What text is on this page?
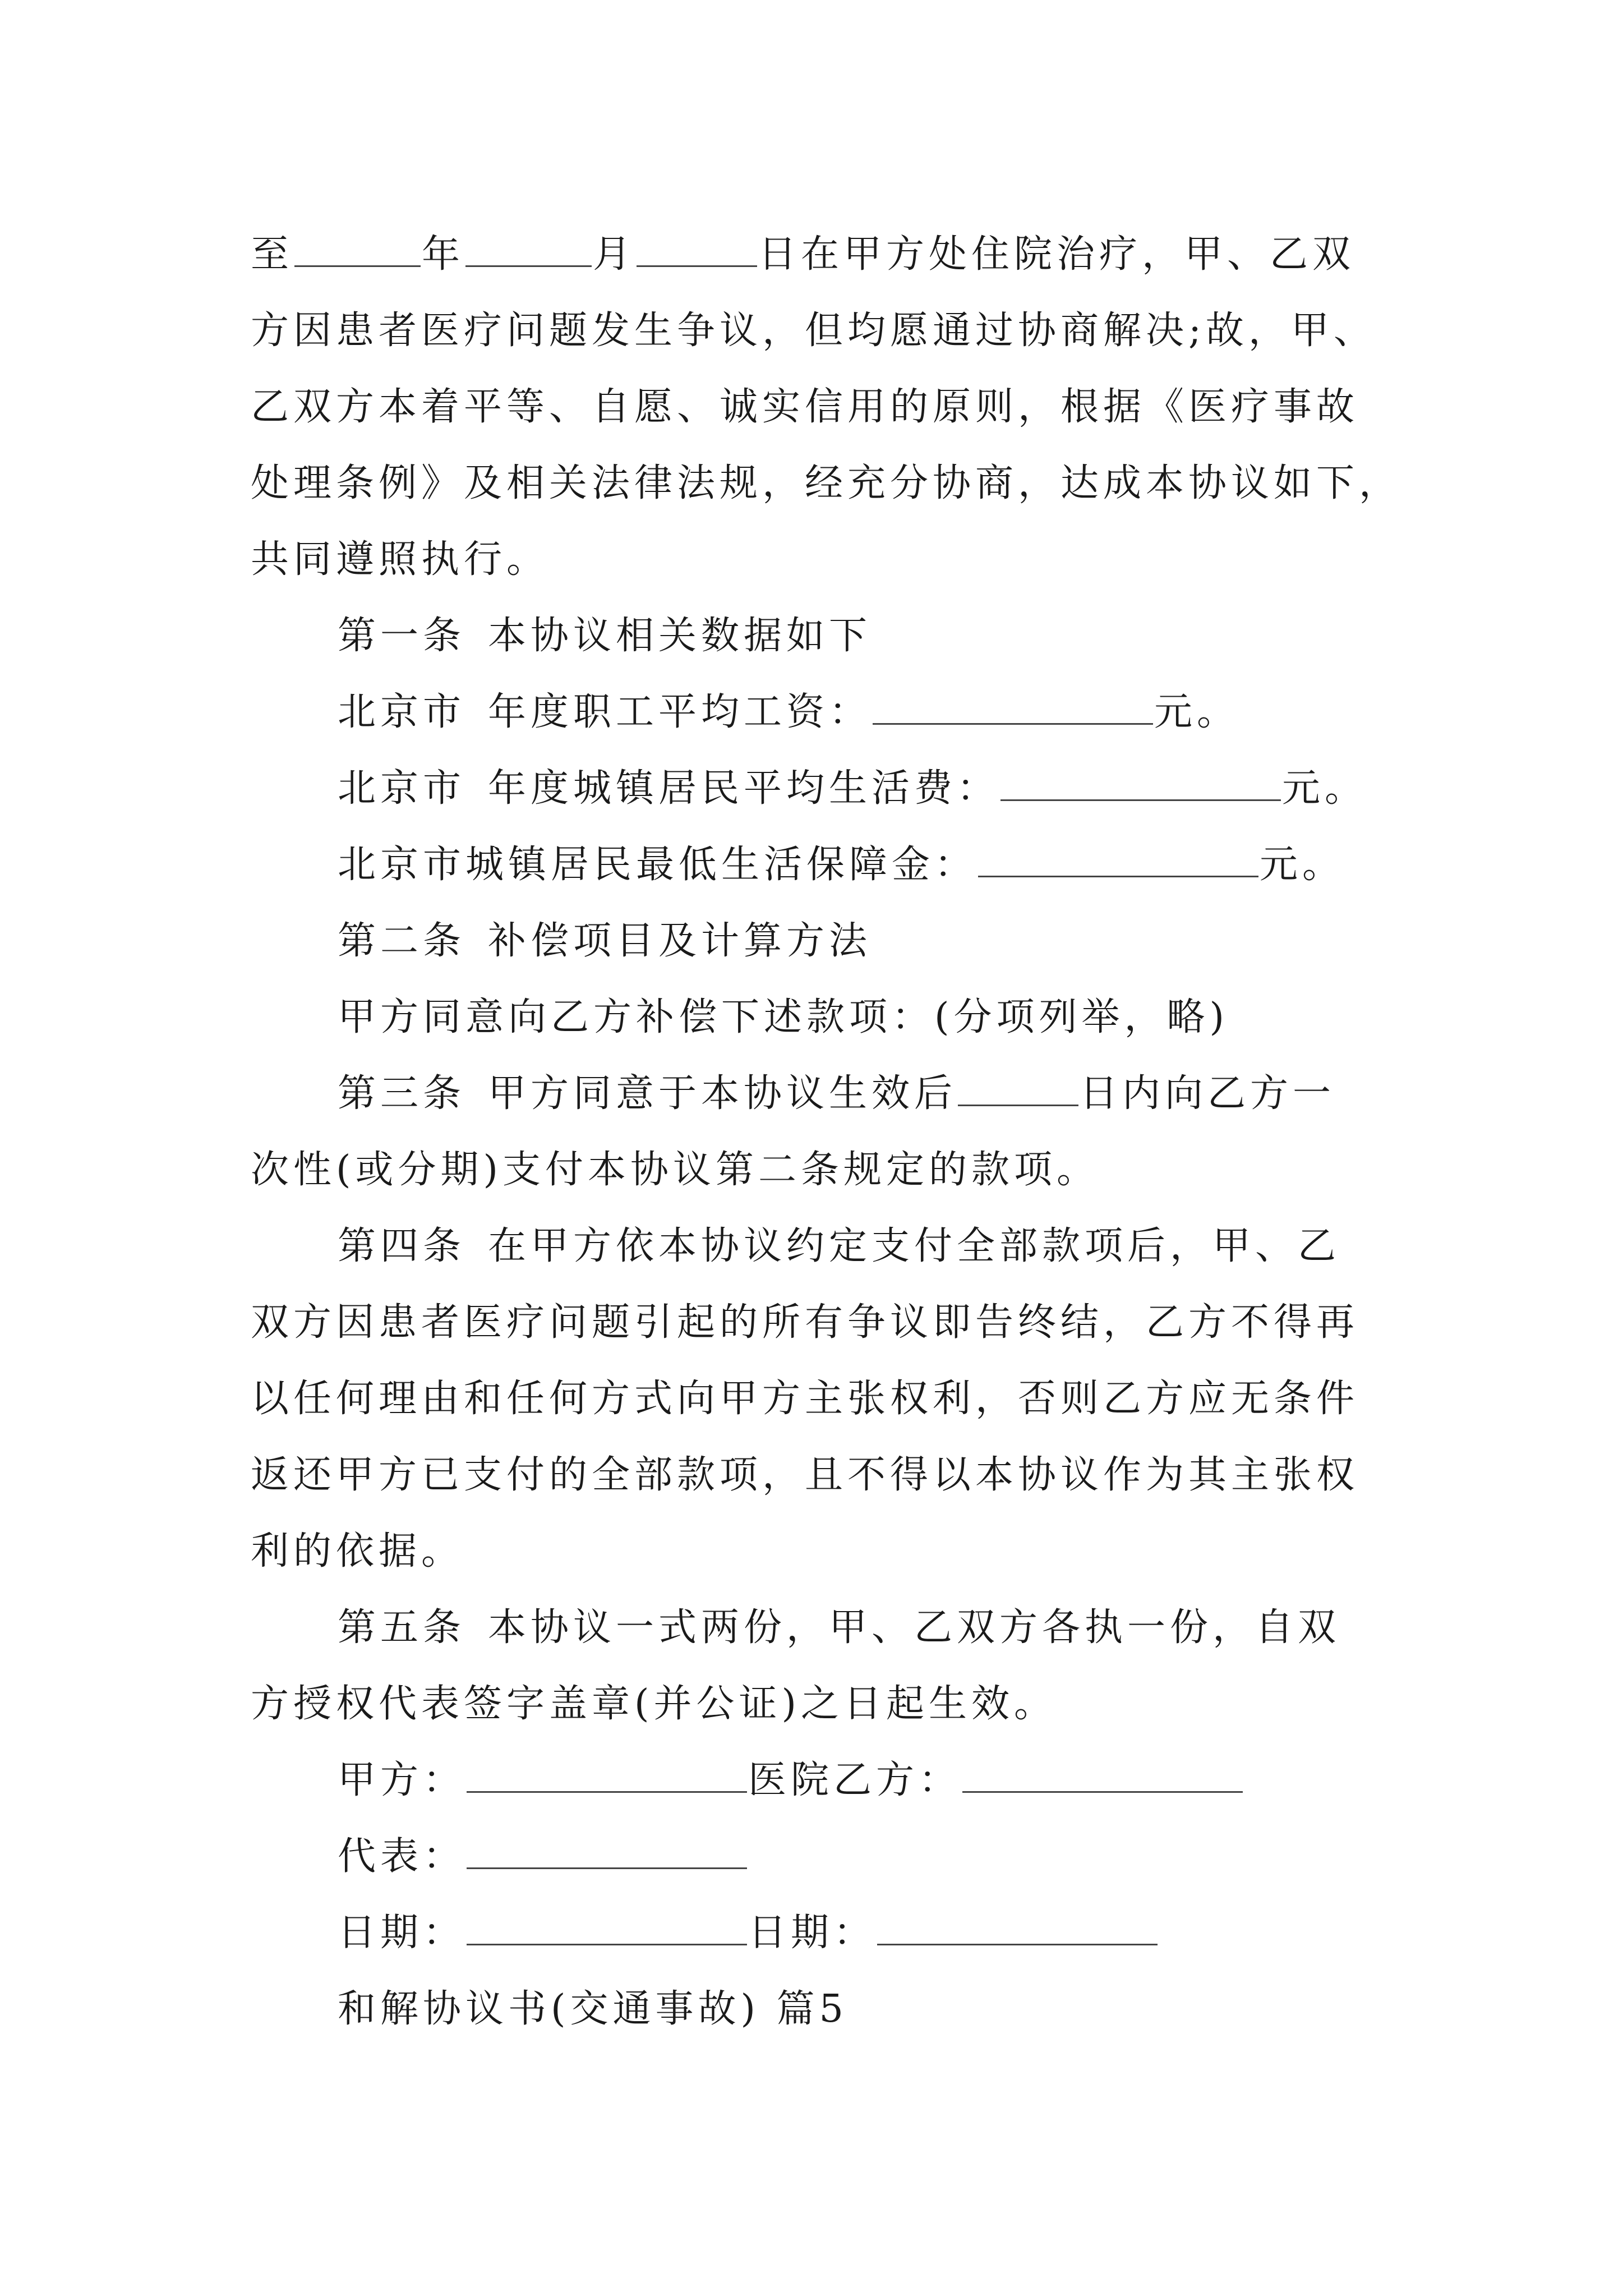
至	年	月	日在甲方处住院治疗，甲、乙双
方因患者医疗问题发生争议，但均愿通过协商解决;故，甲、
乙双方本着平等、自愿、诚实信用的原则，根据《医疗事故
处理条例》及相关法律法规，经充分协商，达成本协议如下，
共同遵照执行。
第一条 本协议相关数据如下
北京市 年度职工平均工资：	元。
北京市 年度城镇居民平均生活费：	元。
北京市城镇居民最低生活保障金：	元。
第二条 补偿项目及计算方法
甲方同意向乙方补偿下述款项：(分项列举，略)
第三条 甲方同意于本协议生效后	日内向乙方一
次性(或分期)支付本协议第二条规定的款项。
第四条 在甲方依本协议约定支付全部款项后，甲、乙
双方因患者医疗问题引起的所有争议即告终结，乙方不得再
以任何理由和任何方式向甲方主张权利，否则乙方应无条件
返还甲方已支付的全部款项，且不得以本协议作为其主张权
利的依据。
第五条 本协议一式两份，甲、乙双方各执一份，自双
方授权代表签字盖章(并公证)之日起生效。
甲方：	医院乙方：
代表：
日期：	日期：
和解协议书(交通事故) 篇5
